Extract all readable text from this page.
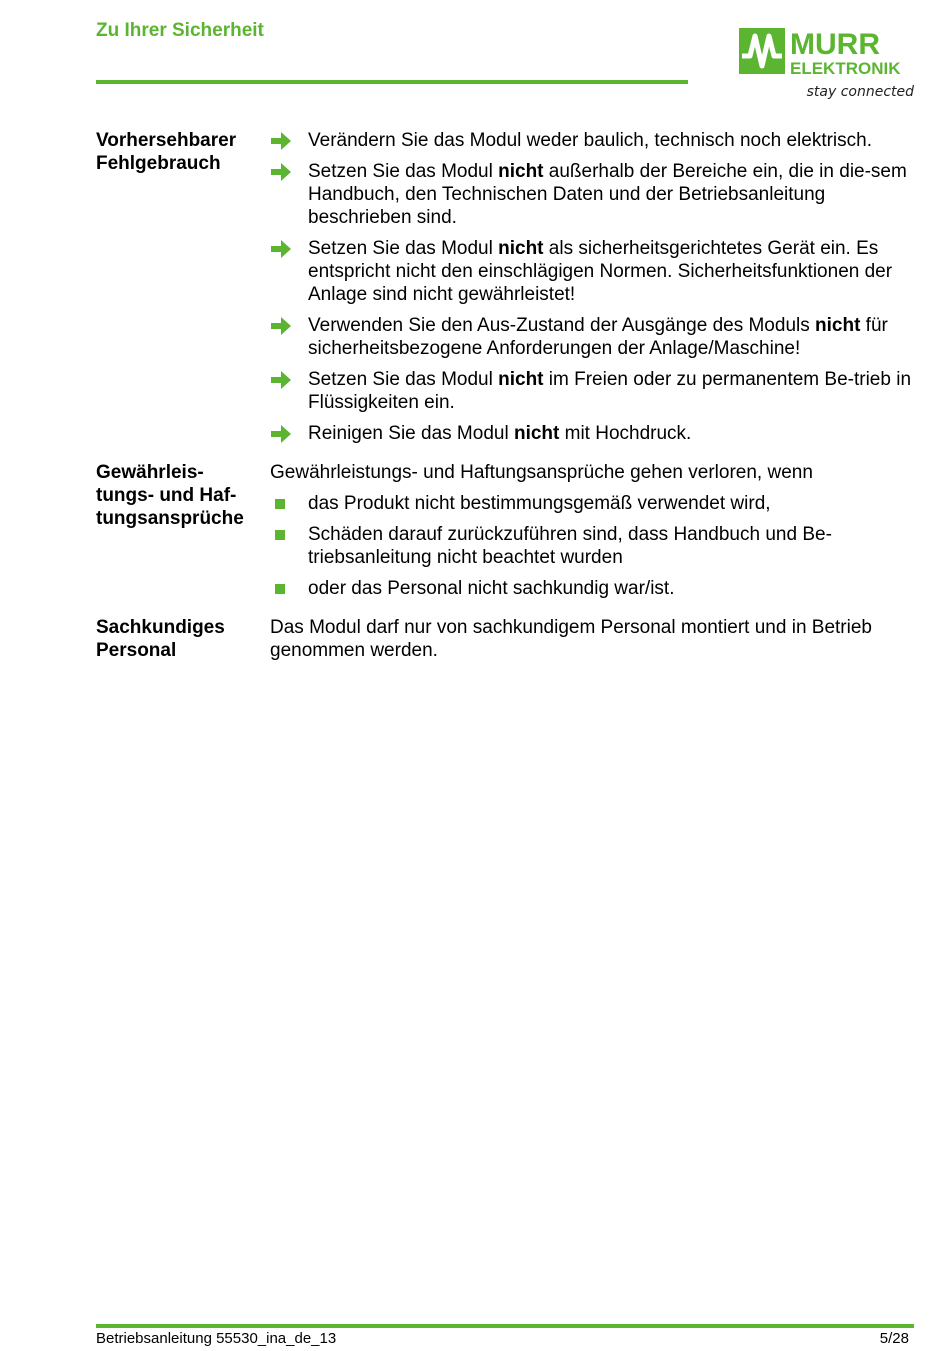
Zu Ihrer Sicherheit	MURR
ELEKTRONIK
stay connected
Vorhersehbarer Fehlgebrauch
Verändern Sie das Modul weder baulich, technisch noch elektrisch.
Setzen Sie das Modul nicht außerhalb der Bereiche ein, die in die-sem Handbuch, den Technischen Daten und der Betriebsanleitung beschrieben sind.
Setzen Sie das Modul nicht als sicherheitsgerichtetes Gerät ein. Es entspricht nicht den einschlägigen Normen. Sicherheitsfunktionen der Anlage sind nicht gewährleistet!
Verwenden Sie den Aus-Zustand der Ausgänge des Moduls nicht für sicherheitsbezogene Anforderungen der Anlage/Maschine!
Setzen Sie das Modul nicht im Freien oder zu permanentem Be-trieb in Flüssigkeiten ein.
Reinigen Sie das Modul nicht mit Hochdruck.
Gewährleis-tungs- und Haf-tungsansprüche
Gewährleistungs- und Haftungsansprüche gehen verloren, wenn
das Produkt nicht bestimmungsgemäß verwendet wird,
Schäden darauf zurückzuführen sind, dass Handbuch und Be-triebsanleitung nicht beachtet wurden
oder das Personal nicht sachkundig war/ist.
Sachkundiges Personal
Das Modul darf nur von sachkundigem Personal montiert und in Betrieb genommen werden.
Betriebsanleitung 55530_ina_de_13	5/28
